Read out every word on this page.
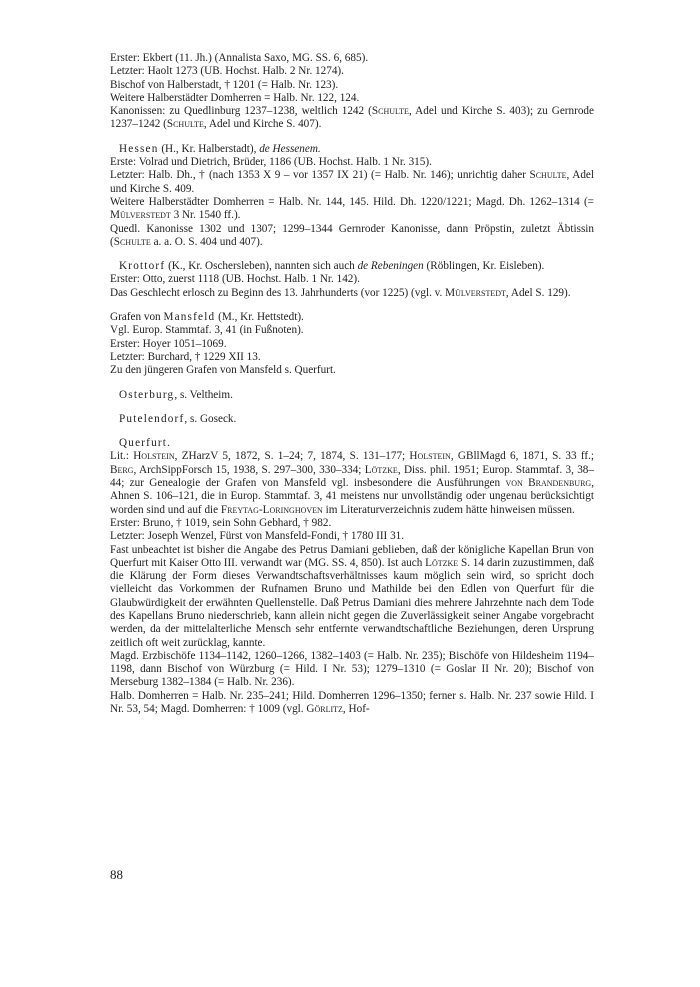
Erster: Ekbert (11. Jh.) (Annalista Saxo, MG. SS. 6, 685).

Letzter: Haolt 1273 (UB. Hochst. Halb. 2 Nr. 1274).

Bischof von Halberstadt, † 1201 (= Halb. Nr. 123).

Weitere Halberstädter Domherren = Halb. Nr. 122, 124.

Kanonissen: zu Quedlinburg 1237–1238, weltlich 1242 (Schulte, Adel und Kirche S. 403); zu Gernrode 1237–1242 (Schulte, Adel und Kirche S. 407).

Hessen (H., Kr. Halberstadt), de Hessenem.

Erste: Volrad und Dietrich, Brüder, 1186 (UB. Hochst. Halb. 1 Nr. 315).

Letzter: Halb. Dh., † (nach 1353 X 9 – vor 1357 IX 21) (= Halb. Nr. 146); unrichtig daher Schulte, Adel und Kirche S. 409.

Weitere Halberstädter Domherren = Halb. Nr. 144, 145. Hild. Dh. 1220/1221; Magd. Dh. 1262–1314 (= Mülverstedt 3 Nr. 1540 ff.).

Quedl. Kanonisse 1302 und 1307; 1299–1344 Gernroder Kanonisse, dann Pröpstin, zuletzt Äbtissin (Schulte a. a. O. S. 404 und 407).

Krottorf (K., Kr. Oschersleben), nannten sich auch de Rebeningen (Röblingen, Kr. Eisleben).

Erster: Otto, zuerst 1118 (UB. Hochst. Halb. 1 Nr. 142).

Das Geschlecht erlosch zu Beginn des 13. Jahrhunderts (vor 1225) (vgl. v. Mülverstedt, Adel S. 129).

Grafen von Mansfeld (M., Kr. Hettstedt).

Vgl. Europ. Stammtaf. 3, 41 (in Fußnoten).

Erster: Hoyer 1051–1069.

Letzter: Burchard, † 1229 XII 13.

Zu den jüngeren Grafen von Mansfeld s. Querfurt.

Osterburg, s. Veltheim.

Putelendorf, s. Goseck.

Querfurt.

Lit.: Holstein, ZHarzV 5, 1872, S. 1–24; 7, 1874, S. 131–177; Holstein, GBllMagd 6, 1871, S. 33 ff.; Berg, ArchSippForsch 15, 1938, S. 297–300, 330–334; Lötzke, Diss. phil. 1951; Europ. Stammtaf. 3, 38–44; zur Genealogie der Grafen von Mansfeld vgl. insbesondere die Ausführungen von Brandenburg, Ahnen S. 106–121, die in Europ. Stammtaf. 3, 41 meistens nur unvollständig oder ungenau berücksichtigt worden sind und auf die Freytag-Loringhoven im Literaturverzeichnis zudem hätte hinweisen müssen.

Erster: Bruno, † 1019, sein Sohn Gebhard, † 982.

Letzter: Joseph Wenzel, Fürst von Mansfeld-Fondi, † 1780 III 31.

Fast unbeachtet ist bisher die Angabe des Petrus Damiani geblieben, daß der königliche Kapellan Brun von Querfurt mit Kaiser Otto III. verwandt war (MG. SS. 4, 850). Ist auch Lötzke S. 14 darin zuzustimmen, daß die Klärung der Form dieses Verwandtschaftsverhältnisses kaum möglich sein wird, so spricht doch vielleicht das Vorkommen der Rufnamen Bruno und Mathilde bei den Edlen von Querfurt für die Glaubwürdigkeit der erwähnten Quellenstelle. Daß Petrus Damiani dies mehrere Jahrzehnte nach dem Tode des Kapellans Bruno niederschrieb, kann allein nicht gegen die Zuverlässigkeit seiner Angabe vorgebracht werden, da der mittelalterliche Mensch sehr entfernte verwandtschaftliche Beziehungen, deren Ursprung zeitlich oft weit zurücklag, kannte.

Magd. Erzbischöfe 1134–1142, 1260–1266, 1382–1403 (= Halb. Nr. 235); Bischöfe von Hildesheim 1194–1198, dann Bischof von Würzburg (= Hild. I Nr. 53); 1279–1310 (= Goslar II Nr. 20); Bischof von Merseburg 1382–1384 (= Halb. Nr. 236).

Halb. Domherren = Halb. Nr. 235–241; Hild. Domherren 1296–1350; ferner s. Halb. Nr. 237 sowie Hild. I Nr. 53, 54; Magd. Domherren: † 1009 (vgl. Görlitz, Hof-

88
